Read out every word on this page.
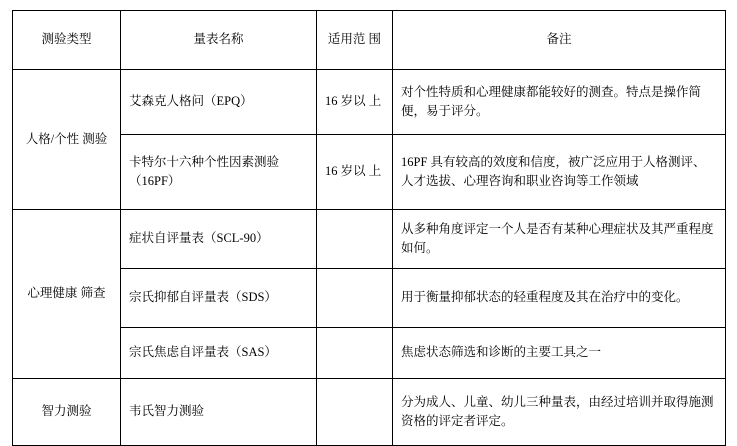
测验类型	量表名称	适用范 围	备注
人格/个性 测验	艾森克人格问（EPQ）	16 岁以 上	对个性特质和心理健康都能较好的测查。特点是操作简便，易于评分。
	卡特尔十六种个性因素测验（16PF）	16 岁以 上	16PF 具有较高的效度和信度，被广泛应用于人格测评、人才选拔、心理咨询和职业咨询等工作领域
心理健康 筛查	症状自评量表（SCL-90）		从多种角度评定一个人是否有某种心理症状及其严重程度如何。
	宗氏抑郁自评量表（SDS）		用于衡量抑郁状态的轻重程度及其在治疗中的变化。
	宗氏焦虑自评量表（SAS）		焦虑状态筛选和诊断的主要工具之一
智力测验	韦氏智力测验		分为成人、儿童、幼儿三种量表，由经过培训并取得施测资格的评定者评定。
